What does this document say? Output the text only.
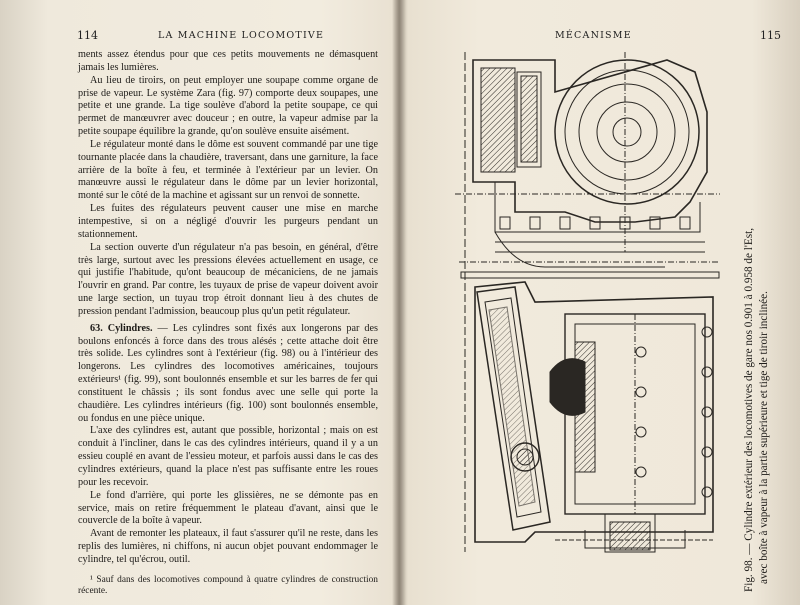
114	LA MACHINE LOCOMOTIVE

ments assez étendus pour que ces petits mouvements ne démasquent jamais les lumières.

Au lieu de tiroirs, on peut employer une soupape comme organe de prise de vapeur. Le système Zara (fig. 97) comporte deux soupapes, une petite et une grande. La tige soulève d'abord la petite soupape, ce qui permet de manœuvrer avec douceur ; en outre, la vapeur admise par la petite soupape équilibre la grande, qu'on soulève ensuite aisément.

Le régulateur monté dans le dôme est souvent commandé par une tige tournante placée dans la chaudière, traversant, dans une garniture, la face arrière de la boîte à feu, et terminée à l'extérieur par un levier. On manœuvre aussi le régulateur dans le dôme par un levier horizontal, monté sur le côté de la machine et agissant sur un renvoi de sonnette.

Les fuites des régulateurs peuvent causer une mise en marche intempestive, si on a négligé d'ouvrir les purgeurs pendant un stationnement.

La section ouverte d'un régulateur n'a pas besoin, en général, d'être très large, surtout avec les pressions élevées actuellement en usage, ce qui justifie l'habitude, qu'ont beaucoup de mécaniciens, de ne jamais l'ouvrir en grand. Par contre, les tuyaux de prise de vapeur doivent avoir une large section, un tuyau trop étroit donnant lieu à des chutes de pression pendant l'admission, beaucoup plus qu'un petit régulateur.

63. Cylindres. — Les cylindres sont fixés aux longerons par des boulons enfoncés à force dans des trous alésés ; cette attache doit être très solide. Les cylindres sont à l'extérieur (fig. 98) ou à l'intérieur des longerons. Les cylindres des locomotives américaines, toujours extérieurs¹ (fig. 99), sont boulonnés ensemble et sur les barres de fer qui constituent le châssis ; ils sont fondus avec une selle qui porte la chaudière. Les cylindres intérieurs (fig. 100) sont boulonnés ensemble, ou fondus en une pièce unique.

L'axe des cylindres est, autant que possible, horizontal ; mais on est conduit à l'incliner, dans le cas des cylindres intérieurs, quand il y a un essieu couplé en avant de l'essieu moteur, et parfois aussi dans le cas des cylindres extérieurs, quand la place n'est pas suffisante entre les roues pour les recevoir.

Le fond d'arrière, qui porte les glissières, ne se démonte pas en service, mais on retire fréquemment le plateau d'avant, ainsi que le couvercle de la boîte à vapeur.

Avant de remonter les plateaux, il faut s'assurer qu'il ne reste, dans les replis des lumières, ni chiffons, ni aucun objet pouvant endommager le cylindre, tel qu'écrou, outil.

¹ Sauf dans des locomotives compound à quatre cylindres de construction récente.

MÉCANISME	115
Fig. 98. — Cylindre extérieur des locomotives de gare nos 0.901 à 0.958 de l'Est, avec boîte à vapeur à la partie supérieure et tige de tiroir inclinée.
